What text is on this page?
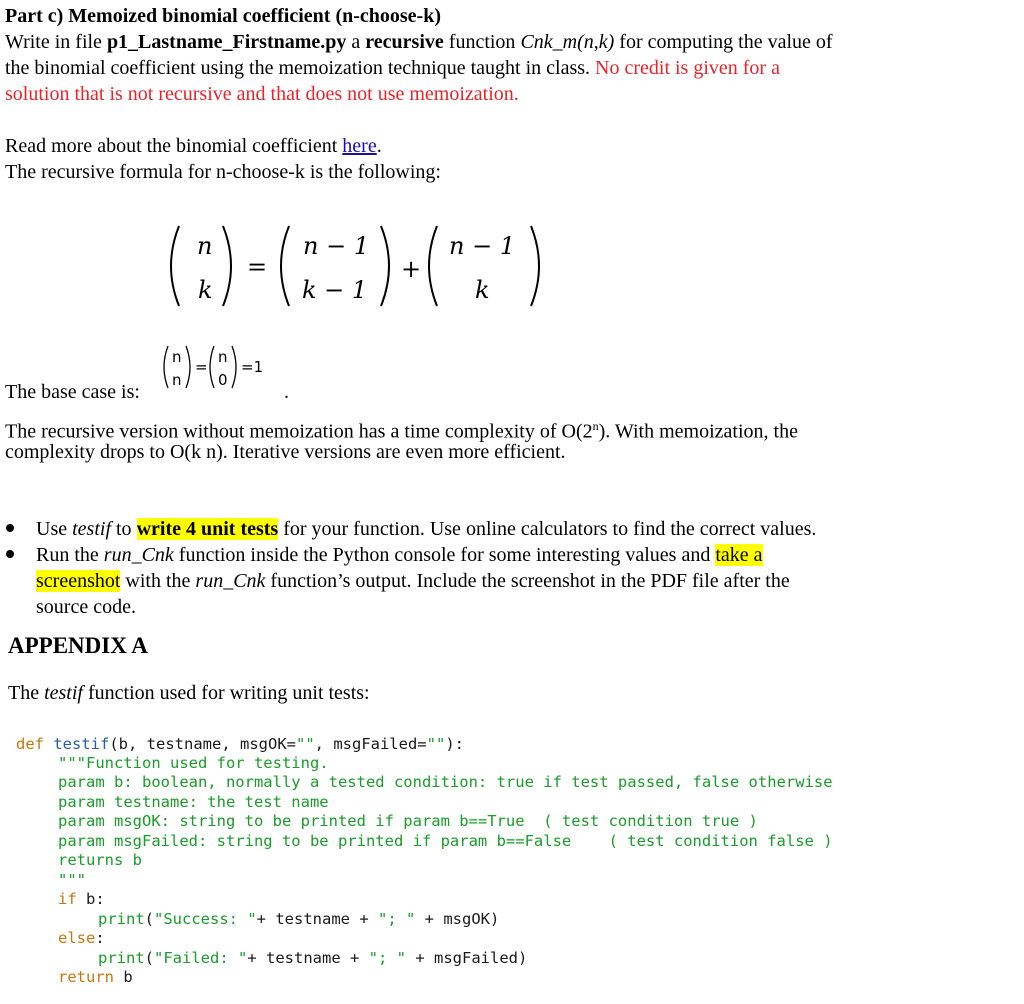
Part c) Memoized binomial coefficient (n-choose-k)
Write in file p1_Lastname_Firstname.py a recursive function Cnk_m(n,k) for computing the value of
the binomial coefficient using the memoization technique taught in class. No credit is given for a
solution that is not recursive and that does not use memoization.
Read more about the binomial coefficient here.
The recursive formula for n-choose-k is the following:
n
k
=
n − 1
k − 1
+
n − 1
k
The base case is:
n
n
=
n
0
=1
.
The recursive version without memoization has a time complexity of O(2$^n$). With memoization, the
complexity drops to O(k n). Iterative versions are even more efficient.
Use testif to write 4 unit tests for your function. Use online calculators to find the correct values.
Run the run_Cnk function inside the Python console for some interesting values and take a
screenshot with the run_Cnk function’s output. Include the screenshot in the PDF file after the
source code.
APPENDIX A
The testif function used for writing unit tests:
def testif(b, testname, msgOK="", msgFailed=""):
"""Function used for testing.
param b: boolean, normally a tested condition: true if test passed, false otherwise
param testname: the test name
param msgOK: string to be printed if param b==True  ( test condition true )
param msgFailed: string to be printed if param b==False    ( test condition false )
returns b
"""
if b:
print("Success: "+ testname + "; " + msgOK)
else:
print("Failed: "+ testname + "; " + msgFailed)
return b
